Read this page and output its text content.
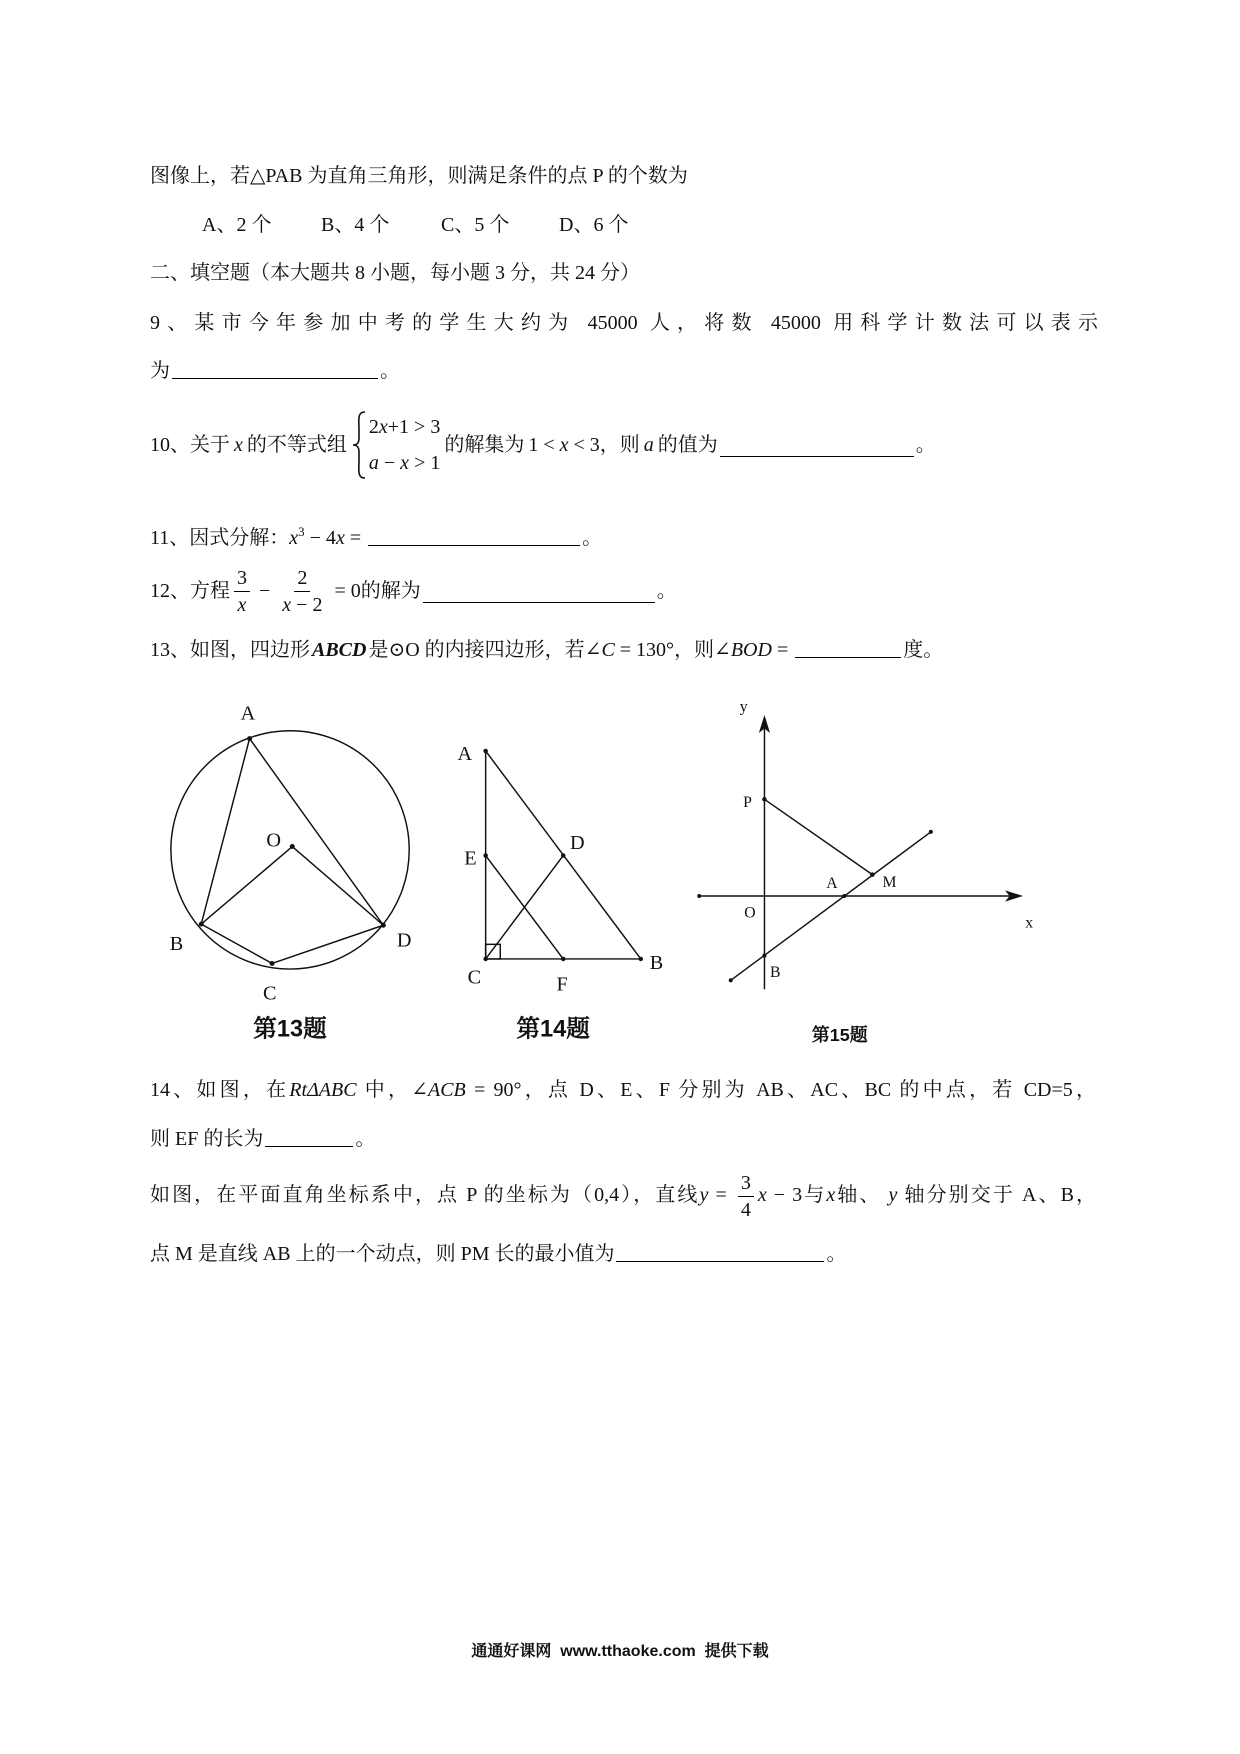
图像上，若△PAB 为直角三角形，则满足条件的点 P 的个数为
A、2 个 B、4 个	C、5 个 D、6 个
二、填空题（本大题共 8 小题，每小题 3 分，共 24 分）
9、某市今年参加中考的学生大约为 45000 人，将数 45000 用科学计数法可以表示
为	。
10、关于 x 的不等式组
2x+1 > 3
a − x > 1
的解集为 1 < x < 3 ，则 a 的值为	。
11、因式分解：$x^3 - 4x$ =	。
12、方程 $\frac{3}{x} - \frac{2}{x - 2} = 0$ 的解为	。
13、如图，四边形 ABCD 是⊙O 的内接四边形，若∠C = 130°，则∠BOD =	度。
A
B
C
D
O
第13题
A
E
D
C	F
B
第14题
y
P
O
A	M
B
x
第15题
14、如图，在RtΔABC 中，∠ACB = 90°，点 D、E、F 分别为 AB、AC、BC 的中点，若 CD=5，
则 EF 的长为	。
如图，在平面直角坐标系中，点 P 的坐标为（0,4），直线$y = \frac{3}{4}$ x − 3与x轴、 y 轴分别交于 A、B，
点 M 是直线 AB 上的一个动点，则 PM 长的最小值为	。
通通好课网  www.tthaoke.com  提供下载
